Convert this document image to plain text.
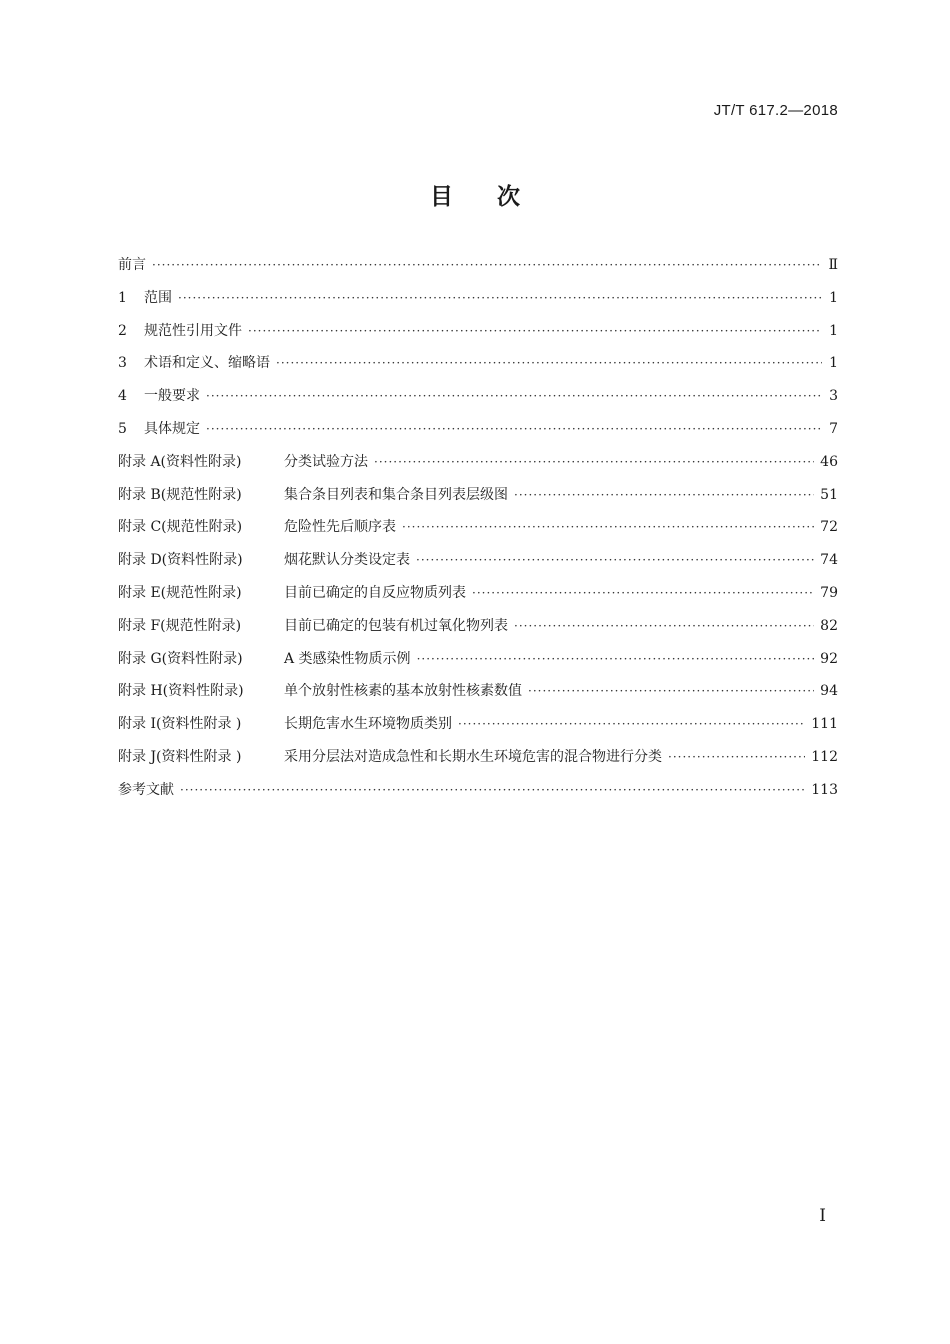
JT/T 617.2—2018
目次
前言 ·····	Ⅱ
1	范围 ·····	1
2	规范性引用文件 ·····	1
3	术语和定义、缩略语 ·····	1
4	一般要求 ·····	3
5	具体规定 ·····	7
附录 A(资料性附录)	分类试验方法 ·····	46
附录 B(规范性附录)	集合条目列表和集合条目列表层级图 ·····	51
附录 C(规范性附录)	危险性先后顺序表 ·····	72
附录 D(资料性附录)	烟花默认分类设定表 ·····	74
附录 E(规范性附录)	目前已确定的自反应物质列表 ·····	79
附录 F(规范性附录)	目前已确定的包装有机过氧化物列表 ·····	82
附录 G(资料性附录)	A 类感染性物质示例 ·····	92
附录 H(资料性附录)	单个放射性核素的基本放射性核素数值 ·····	94
附录 I(资料性附录 )	长期危害水生环境物质类别 ·····	111
附录 J(资料性附录 )	采用分层法对造成急性和长期水生环境危害的混合物进行分类 ·····	112
参考文献 ·····	113
Ⅰ
